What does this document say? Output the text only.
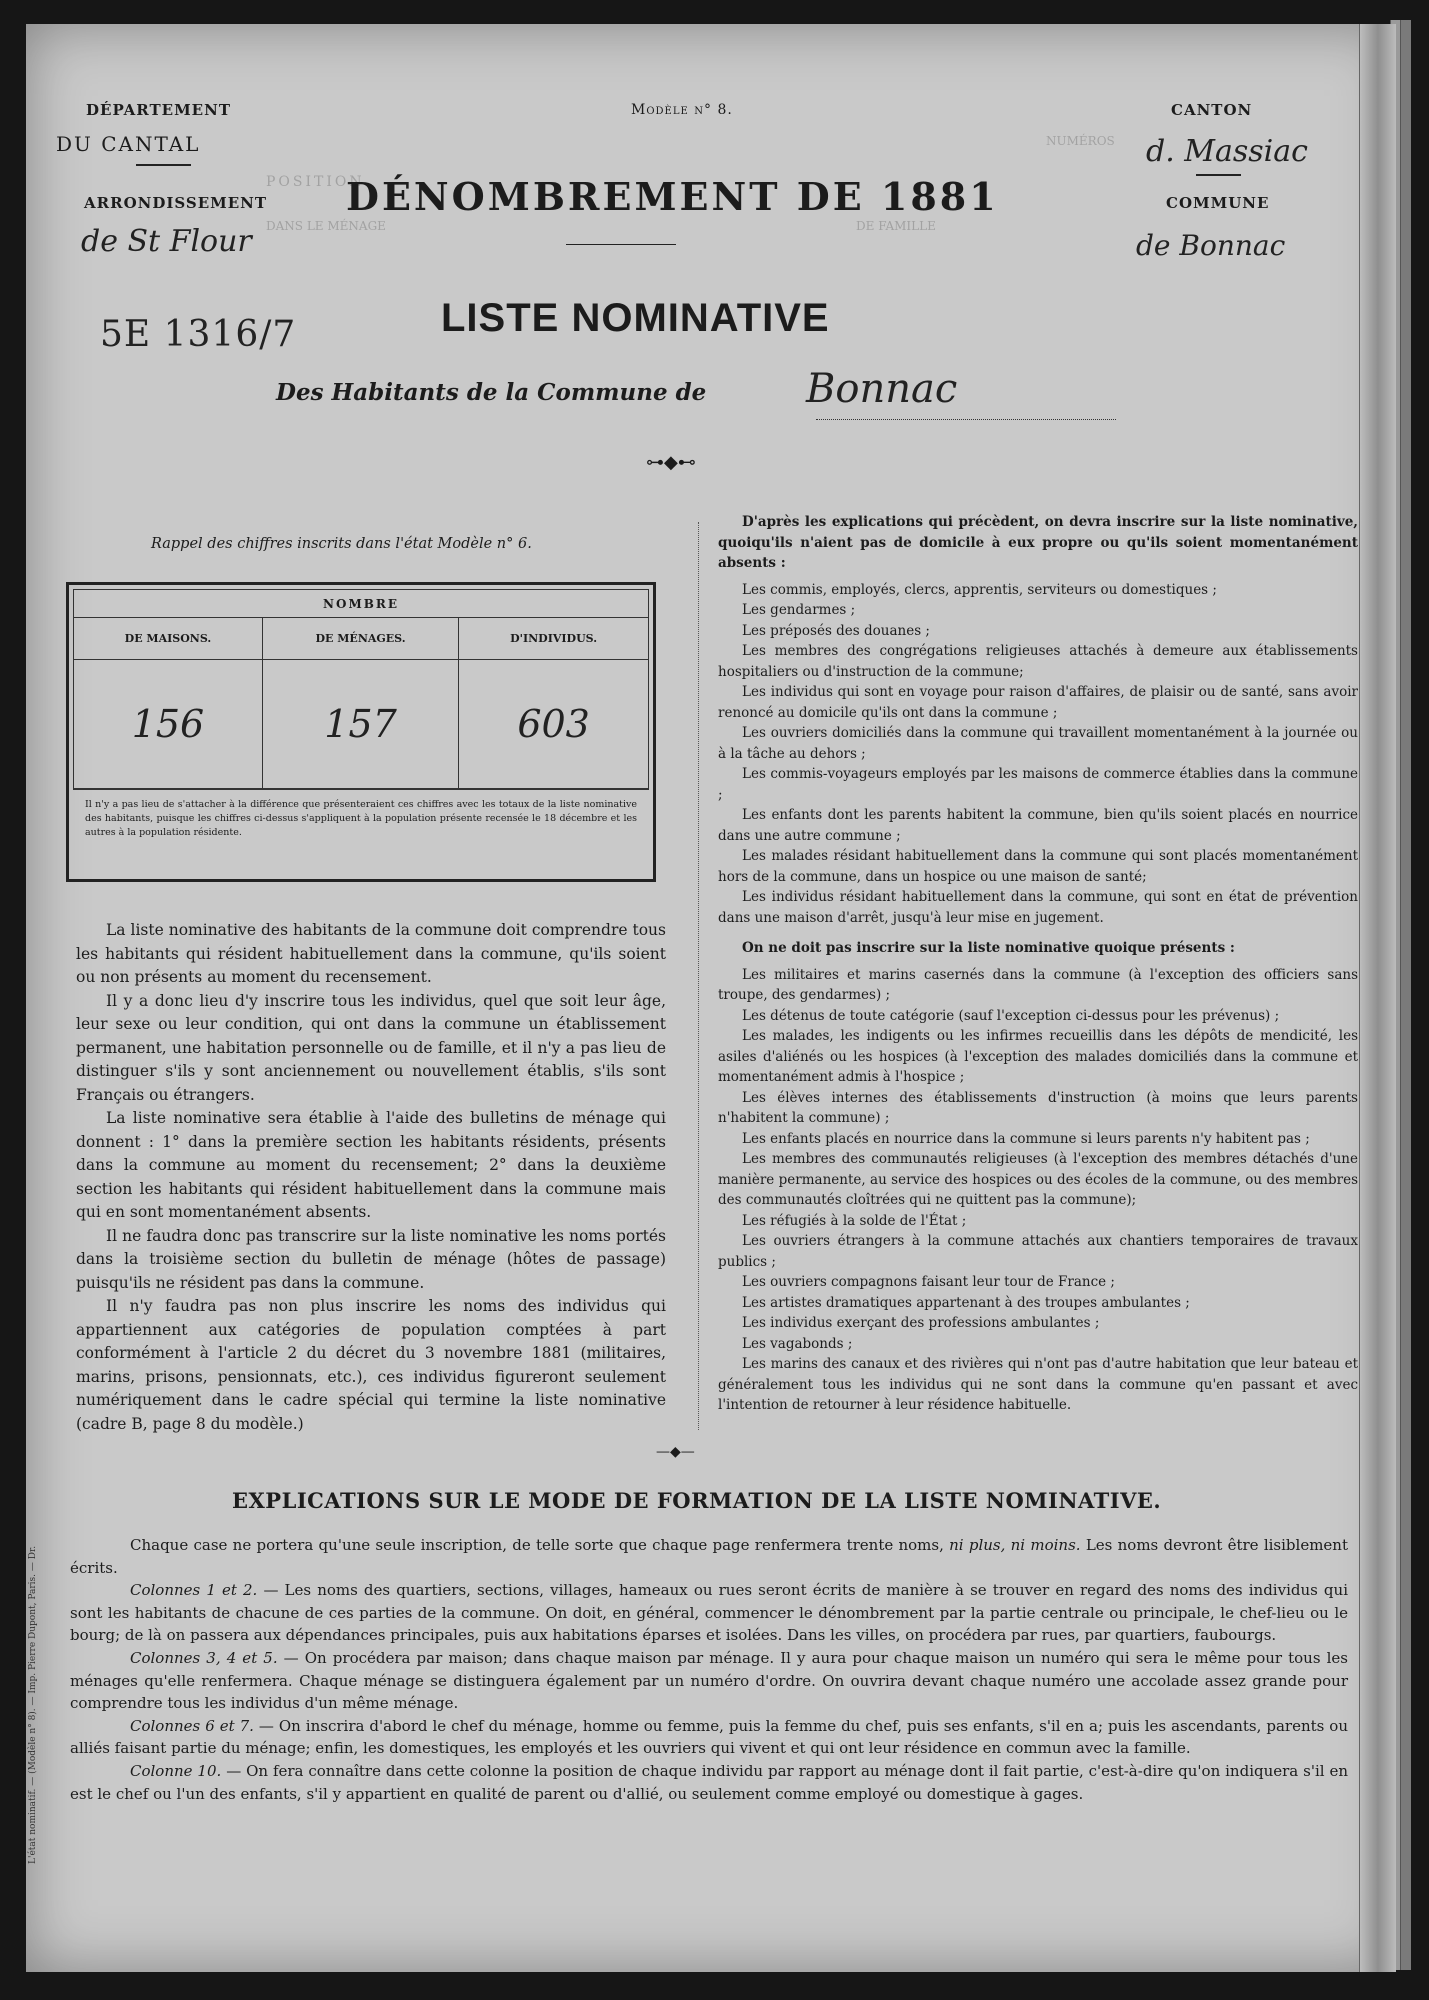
POSITION
DANS LE MÉNAGE	DE FAMILLE
NUMÉROS
DÉPARTEMENT
DU CANTAL
ARRONDISSEMENT
de St Flour
Modèle n° 8.
DÉNOMBREMENT DE 1881
CANTON
d. Massiac
COMMUNE
de Bonnac
5E 1316/7	LISTE NOMINATIVE
Des Habitants de la Commune de Bonnac
⊶◆⊷
Rappel des chiffres inscrits dans l'état Modèle n° 6.
NOMBRE		
DE MAISONS.	DE MÉNAGES.	D'INDIVIDUS.
156	157	603
Il n'y a pas lieu de s'attacher à la différence que présenteraient ces chiffres avec les totaux de la liste nominative des habitants, puisque les chiffres ci-dessus s'appliquent à la population présente recensée le 18 décembre et les autres à la population résidente.

La liste nominative des habitants de la commune doit comprendre tous les habitants qui résident habituellement dans la commune, qu'ils soient ou non présents au moment du recensement.

Il y a donc lieu d'y inscrire tous les individus, quel que soit leur âge, leur sexe ou leur condition, qui ont dans la commune un établissement permanent, une habitation personnelle ou de famille, et il n'y a pas lieu de distinguer s'ils y sont anciennement ou nouvellement établis, s'ils sont Français ou étrangers.

La liste nominative sera établie à l'aide des bulletins de ménage qui donnent : 1° dans la première section les habitants résidents, présents dans la commune au moment du recensement; 2° dans la deuxième section les habitants qui résident habituellement dans la commune mais qui en sont momentanément absents.

Il ne faudra donc pas transcrire sur la liste nominative les noms portés dans la troisième section du bulletin de ménage (hôtes de passage) puisqu'ils ne résident pas dans la commune.

Il n'y faudra pas non plus inscrire les noms des individus qui appartiennent aux catégories de population comptées à part conformément à l'article 2 du décret du 3 novembre 1881 (militaires, marins, prisons, pensionnats, etc.), ces individus figureront seulement numériquement dans le cadre spécial qui termine la liste nominative (cadre B, page 8 du modèle.)

D'après les explications qui précèdent, on devra inscrire sur la liste nominative, quoiqu'ils n'aient pas de domicile à eux propre ou qu'ils soient momentanément absents :

Les commis, employés, clercs, apprentis, serviteurs ou domestiques ;

Les gendarmes ;

Les préposés des douanes ;

Les membres des congrégations religieuses attachés à demeure aux établissements hospitaliers ou d'instruction de la commune;

Les individus qui sont en voyage pour raison d'affaires, de plaisir ou de santé, sans avoir renoncé au domicile qu'ils ont dans la commune ;

Les ouvriers domiciliés dans la commune qui travaillent momentanément à la journée ou à la tâche au dehors ;

Les commis-voyageurs employés par les maisons de commerce établies dans la commune ;

Les enfants dont les parents habitent la commune, bien qu'ils soient placés en nourrice dans une autre commune ;

Les malades résidant habituellement dans la commune qui sont placés momentanément hors de la commune, dans un hospice ou une maison de santé;

Les individus résidant habituellement dans la commune, qui sont en état de prévention dans une maison d'arrêt, jusqu'à leur mise en jugement.

On ne doit pas inscrire sur la liste nominative quoique présents :

Les militaires et marins casernés dans la commune (à l'exception des officiers sans troupe, des gendarmes) ;

Les détenus de toute catégorie (sauf l'exception ci-dessus pour les prévenus) ;

Les malades, les indigents ou les infirmes recueillis dans les dépôts de mendicité, les asiles d'aliénés ou les hospices (à l'exception des malades domiciliés dans la commune et momentanément admis à l'hospice ;

Les élèves internes des établissements d'instruction (à moins que leurs parents n'habitent la commune) ;

Les enfants placés en nourrice dans la commune si leurs parents n'y habitent pas ;

Les membres des communautés religieuses (à l'exception des membres détachés d'une manière permanente, au service des hospices ou des écoles de la commune, ou des membres des communautés cloîtrées qui ne quittent pas la commune);

Les réfugiés à la solde de l'État ;

Les ouvriers étrangers à la commune attachés aux chantiers temporaires de travaux publics ;

Les ouvriers compagnons faisant leur tour de France ;

Les artistes dramatiques appartenant à des troupes ambulantes ;

Les individus exerçant des professions ambulantes ;

Les vagabonds ;

Les marins des canaux et des rivières qui n'ont pas d'autre habitation que leur bateau et généralement tous les individus qui ne sont dans la commune qu'en passant et avec l'intention de retourner à leur résidence habituelle.

—◆—
EXPLICATIONS SUR LE MODE DE FORMATION DE LA LISTE NOMINATIVE.

Chaque case ne portera qu'une seule inscription, de telle sorte que chaque page renfermera trente noms, ni plus, ni moins. Les noms devront être lisiblement écrits.

Colonnes 1 et 2. — Les noms des quartiers, sections, villages, hameaux ou rues seront écrits de manière à se trouver en regard des noms des individus qui sont les habitants de chacune de ces parties de la commune. On doit, en général, commencer le dénombrement par la partie centrale ou principale, le chef-lieu ou le bourg; de là on passera aux dépendances principales, puis aux habitations éparses et isolées. Dans les villes, on procédera par rues, par quartiers, faubourgs.

Colonnes 3, 4 et 5. — On procédera par maison; dans chaque maison par ménage. Il y aura pour chaque maison un numéro qui sera le même pour tous les ménages qu'elle renfermera. Chaque ménage se distinguera également par un numéro d'ordre. On ouvrira devant chaque numéro une accolade assez grande pour comprendre tous les individus d'un même ménage.

Colonnes 6 et 7. — On inscrira d'abord le chef du ménage, homme ou femme, puis la femme du chef, puis ses enfants, s'il en a; puis les ascendants, parents ou alliés faisant partie du ménage; enfin, les domestiques, les employés et les ouvriers qui vivent et qui ont leur résidence en commun avec la famille.

Colonne 10. — On fera connaître dans cette colonne la position de chaque individu par rapport au ménage dont il fait partie, c'est-à-dire qu'on indiquera s'il en est le chef ou l'un des enfants, s'il y appartient en qualité de parent ou d'allié, ou seulement comme employé ou domestique à gages.

L'état nominatif. — (Modèle n° 8). — Imp. Pierre Dupont, Paris. — Dr.
